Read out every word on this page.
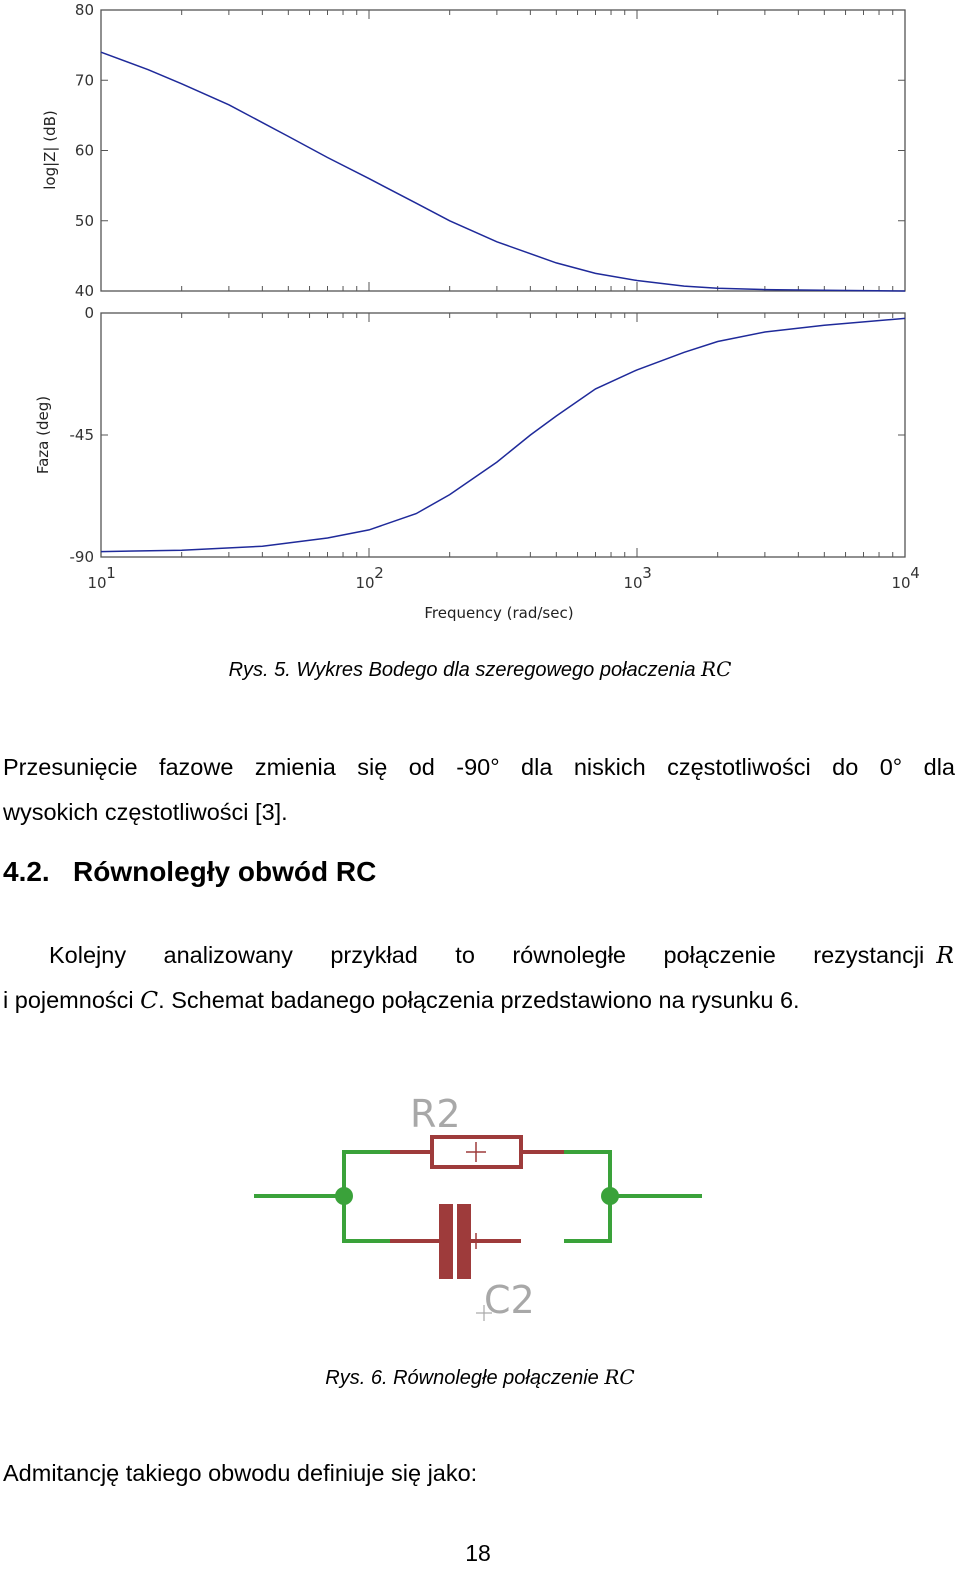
40
50
60
70
80
log|Z| (dB)
-90
-45
0
Faza (deg)
10
1
10
2
10
3
10
4
Frequency (rad/sec)
Rys. 5. Wykres Bodego dla szeregowego połaczenia RC
Przesunięcie fazowe zmienia się od -90° dla niskich częstotliwości do 0° dla
wysokich częstotliwości [3].
4.2. Równoległy obwód RC
Kolejny analizowany przykład to równoległe połączenie rezystancji R
i pojemności C. Schemat badanego połączenia przedstawiono na rysunku 6.
R2
C2
Rys. 6. Równoległe połączenie RC
Admitancję takiego obwodu definiuje się jako:
18
